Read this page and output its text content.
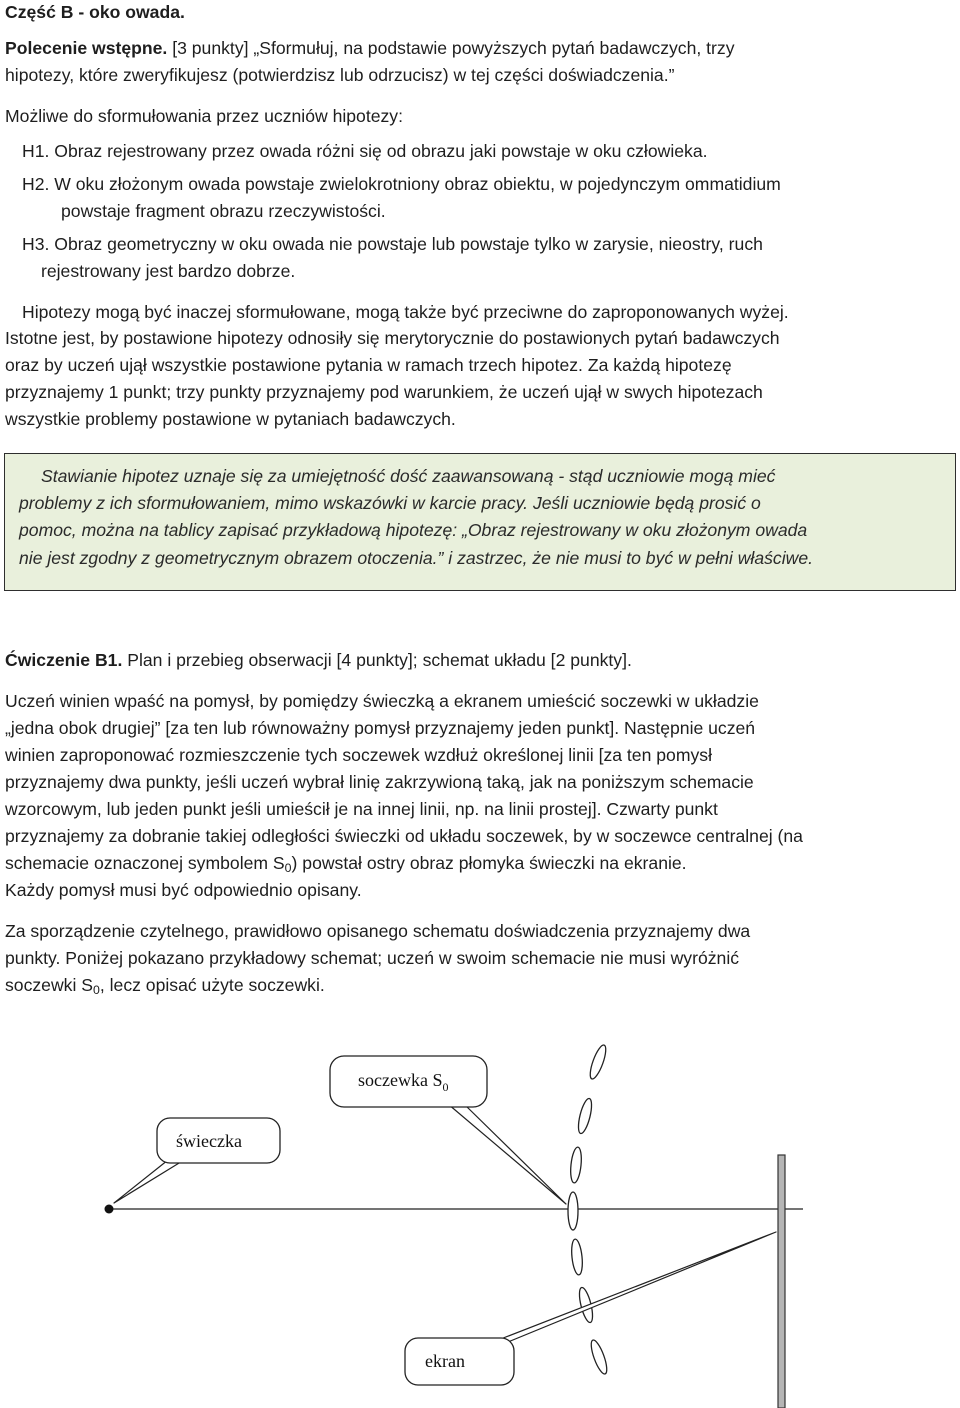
Część B - oko owada.

Polecenie wstępne. [3 punkty] „Sformułuj, na podstawie powyższych pytań badawczych, trzy

hipotezy, które zweryfikujesz (potwierdzisz lub odrzucisz) w tej części doświadczenia.”

Możliwe do sformułowania przez uczniów hipotezy:

H1. Obraz rejestrowany przez owada różni się od obrazu jaki powstaje w oku człowieka.

H2. W oku złożonym owada powstaje zwielokrotniony obraz obiektu, w pojedynczym ommatidium

powstaje fragment obrazu rzeczywistości.

H3. Obraz geometryczny w oku owada nie powstaje lub powstaje tylko w zarysie, nieostry, ruch

rejestrowany jest bardzo dobrze.

Hipotezy mogą być inaczej sformułowane, mogą także być przeciwne do zaproponowanych wyżej.

Istotne jest, by postawione hipotezy odnosiły się merytorycznie do postawionych pytań badawczych

oraz by uczeń ujął wszystkie postawione pytania w ramach trzech hipotez. Za każdą hipotezę

przyznajemy 1 punkt; trzy punkty przyznajemy pod warunkiem, że uczeń ujął w swych hipotezach

wszystkie problemy postawione w pytaniach badawczych.

Stawianie hipotez uznaje się za umiejętność dość zaawansowaną - stąd uczniowie mogą mieć
problemy z ich sformułowaniem, mimo wskazówki w karcie pracy. Jeśli uczniowie będą prosić o
pomoc, można na tablicy zapisać przykładową hipotezę: „Obraz rejestrowany w oku złożonym owada
nie jest zgodny z geometrycznym obrazem otoczenia.” i zastrzec, że nie musi to być w pełni właściwe.

Ćwiczenie B1. Plan i przebieg obserwacji [4 punkty]; schemat układu [2 punkty].

Uczeń winien wpaść na pomysł, by pomiędzy świeczką a ekranem umieścić soczewki w układzie

„jedna obok drugiej” [za ten lub równoważny pomysł przyznajemy jeden punkt]. Następnie uczeń

winien zaproponować rozmieszczenie tych soczewek wzdłuż określonej linii [za ten pomysł

przyznajemy dwa punkty, jeśli uczeń wybrał linię zakrzywioną taką, jak na poniższym schemacie

wzorcowym, lub jeden punkt jeśli umieścił je na innej linii, np. na linii prostej]. Czwarty punkt

przyznajemy za dobranie takiej odległości świeczki od układu soczewek, by w soczewce centralnej (na

schemacie oznaczonej symbolem $S_0$) powstał ostry obraz płomyka świeczki na ekranie.

Każdy pomysł musi być odpowiednio opisany.

Za sporządzenie czytelnego, prawidłowo opisanego schematu doświadczenia przyznajemy dwa

punkty. Poniżej pokazano przykładowy schemat; uczeń w swoim schemacie nie musi wyróżnić

soczewki $S_0$, lecz opisać użyte soczewki.

soczewka $S_0$
świeczka
ekran
